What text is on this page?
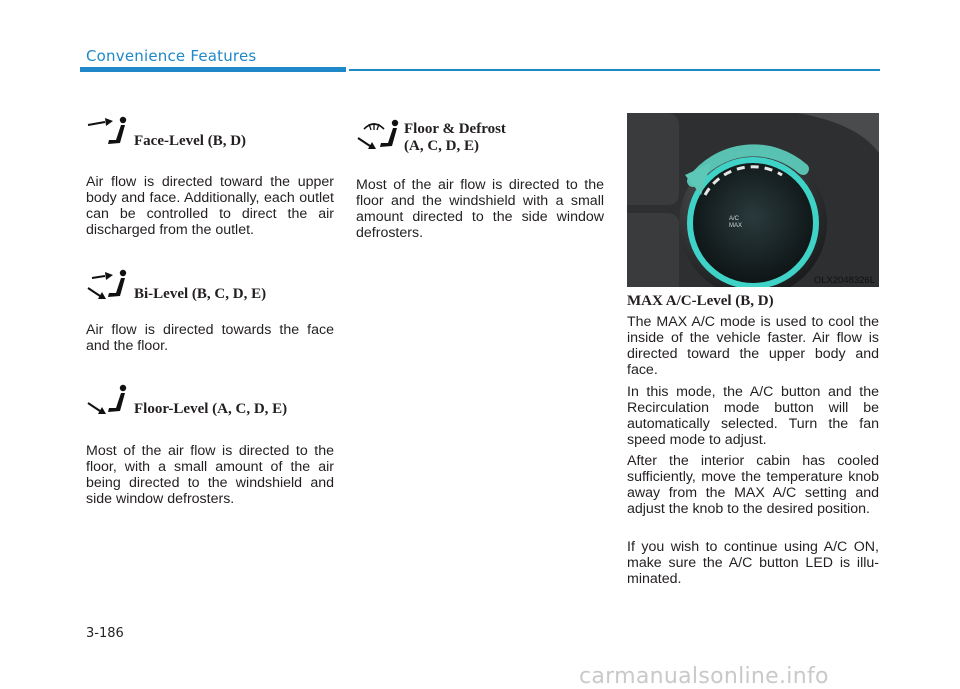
Convenience Features
Face-Level (B, D)

Air flow is directed toward the upper body and face. Additionally, each outlet can be controlled to direct the air discharged from the outlet.

Bi-Level (B, C, D, E)

Air flow is directed towards the face and the floor.

Floor-Level (A, C, D, E)

Most of the air flow is directed to the floor, with a small amount of the air being directed to the windshield and side window defrosters.

Floor & Defrost
(A, C, D, E)

Most of the air flow is directed to the floor and the windshield with a small amount directed to the side window defrosters.

A/C
MAX
OLX2048326L
MAX A/C-Level (B, D)

The MAX A/C mode is used to cool the inside of the vehicle faster. Air flow is directed toward the upper body and face.

In this mode, the A/C button and the Recirculation mode button will be automatically selected. Turn the fan speed mode to adjust.

After the interior cabin has cooled sufficiently, move the temperature knob away from the MAX A/C setting and adjust the knob to the desired position.

If you wish to continue using A/C ON, make sure the A/C button LED is illu-minated.

3-186
carmanualsonline.info
